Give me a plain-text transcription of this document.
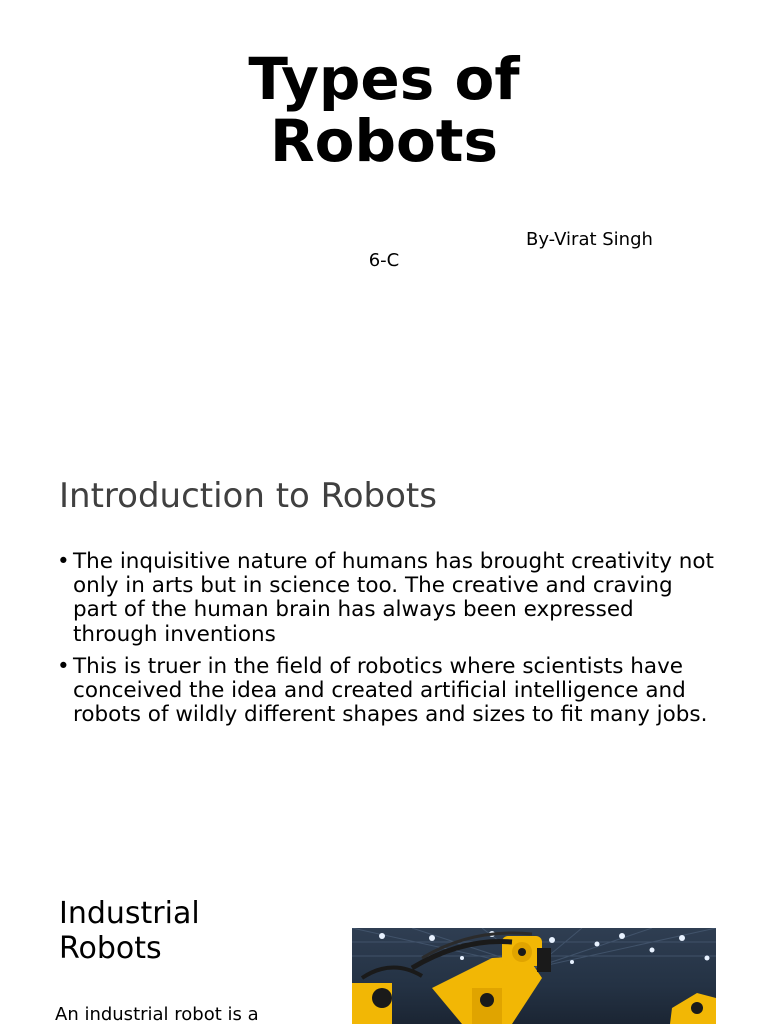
Types of
Robots
By-Virat Singh
6-C
Introduction to Robots
• The inquisitive nature of humans has brought creativity not only in arts but in science too. The creative and craving part of the human brain has always been expressed through inventions
• This is truer in the field of robotics where scientists have conceived the idea and created artificial intelligence and robots of wildly different shapes and sizes to fit many jobs.
Industrial
Robots
An industrial robot is a
